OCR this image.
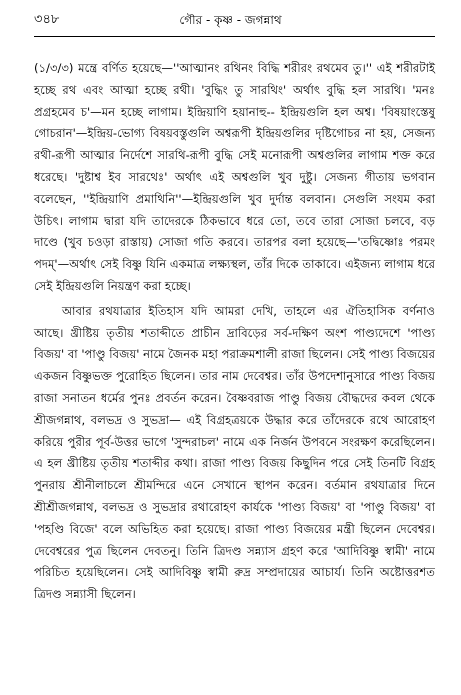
৩৪৮	গৌর - কৃষ্ণ - জগন্নাথ

(১/৩/৩) মন্ত্রে বর্ণিত হয়েছে—''আত্মানং রথিনং বিদ্ধি শরীরং রথমেব তু।'' এই শরীরটাই হচ্ছে রথ এবং আত্মা হচ্ছে রথী। 'বুদ্ধিং তু সারথিং' অর্থাৎ বুদ্ধি হল সারথি। 'মনঃ প্রগ্রহমেব চ'—মন হচ্ছে লাগাম। ইন্দ্রিয়াণি হয়ানাহু-- ইন্দ্রিয়গুলি হল অশ্ব। 'বিষয়াংস্তেষু গোচরান'—ইন্দ্রিয়-ভোগ্য বিষয়বস্তুগুলি অশ্বরূপী ইন্দ্রিয়গুলির দৃষ্টিগোচর না হয়, সেজন্য রথী-রূপী আত্মার নির্দেশে সারথি-রূপী বুদ্ধি সেই মনোরূপী অশ্বগুলির লাগাম শক্ত করে ধরেছে। 'দুষ্টাশ্ব ইব সারথেঃ' অর্থাৎ এই অশ্বগুলি খুব দুষ্টু। সেজন্য গীতায় ভগবান বলেছেন, ''ইন্দ্রিয়াণি প্রমাথিনি''—ইন্দ্রিয়গুলি খুব দুর্দান্ত বলবান। সেগুলি সংযম করা উচিৎ। লাগাম দ্বারা যদি তাদেরকে ঠিকভাবে ধরে তো, তবে তারা সোজা চলবে, বড় দাণ্ডে (খুব চওড়া রাস্তায়) সোজা গতি করবে। তারপর বলা হয়েছে—'তদ্বিষ্ণোঃ পরমং পদম্'—অর্থাৎ সেই বিষ্ণু যিনি একমাত্র লক্ষ্যস্থল, তাঁর দিকে তাকাবে। এইজন্য লাগাম ধরে সেই ইন্দ্রিয়গুলি নিয়ন্ত্রণ করা হচ্ছে।

আবার রথযাত্রার ইতিহাস যদি আমরা দেখি, তাহলে এর ঐতিহাসিক বর্ণনাও আছে। খ্রীষ্টিয় তৃতীয় শতাব্দীতে প্রাচীন দ্রাবিড়ের সর্ব-দক্ষিণ অংশ পাণ্ড্যদেশে 'পাণ্ড্য বিজয়' বা 'পাণ্ডু বিজয়' নামে জৈনক মহা পরাক্রমশালী রাজা ছিলেন। সেই পাণ্ড্য বিজয়ের একজন বিষ্ণুভক্ত পুরোহিত ছিলেন। তার নাম দেবেশ্বর। তাঁর উপদেশানুসারে পাণ্ড্য বিজয় রাজা সনাতন ধর্মের পুনঃ প্রবর্তন করেন। বৈষ্ণবরাজ পাণ্ডু বিজয় বৌদ্ধদের কবল থেকে শ্রীজগন্নাথ, বলভদ্র ও সুভদ্রা— এই বিগ্রহত্রয়কে উদ্ধার করে তাঁদেরকে রথে আরোহণ করিয়ে পুরীর পূর্ব-উত্তর ভাগে 'সুন্দরাচল' নামে এক নির্জন উপবনে সংরক্ষণ করেছিলেন। এ হল খ্রীষ্টিয় তৃতীয় শতাব্দীর কথা। রাজা পাণ্ড্য বিজয় কিছুদিন পরে সেই তিনটি বিগ্রহ পুনরায় শ্রীনীলাচলে শ্রীমন্দিরে এনে সেখানে স্থাপন করেন। বর্তমান রথযাত্রার দিনে শ্রীশ্রীজগন্নাথ, বলভদ্র ও সুভদ্রার রথারোহণ কার্যকে 'পাণ্ড্য বিজয়' বা 'পাণ্ডু বিজয়' বা 'পহণ্ডি বিজে' বলে অভিহিত করা হয়েছে। রাজা পাণ্ড্য বিজয়ের মন্ত্রী ছিলেন দেবেশ্বর। দেবেশ্বরের পুত্র ছিলেন দেবতনু। তিনি ত্রিদণ্ড সন্ন্যাস গ্রহণ করে 'আদিবিষ্ণু স্বামী' নামে পরিচিত হয়েছিলেন। সেই আদিবিষ্ণু স্বামী রুদ্র সম্প্রদায়ের আচার্য। তিনি অষ্টোত্তরশত ত্রিদণ্ড সন্ন্যাসী ছিলেন।
